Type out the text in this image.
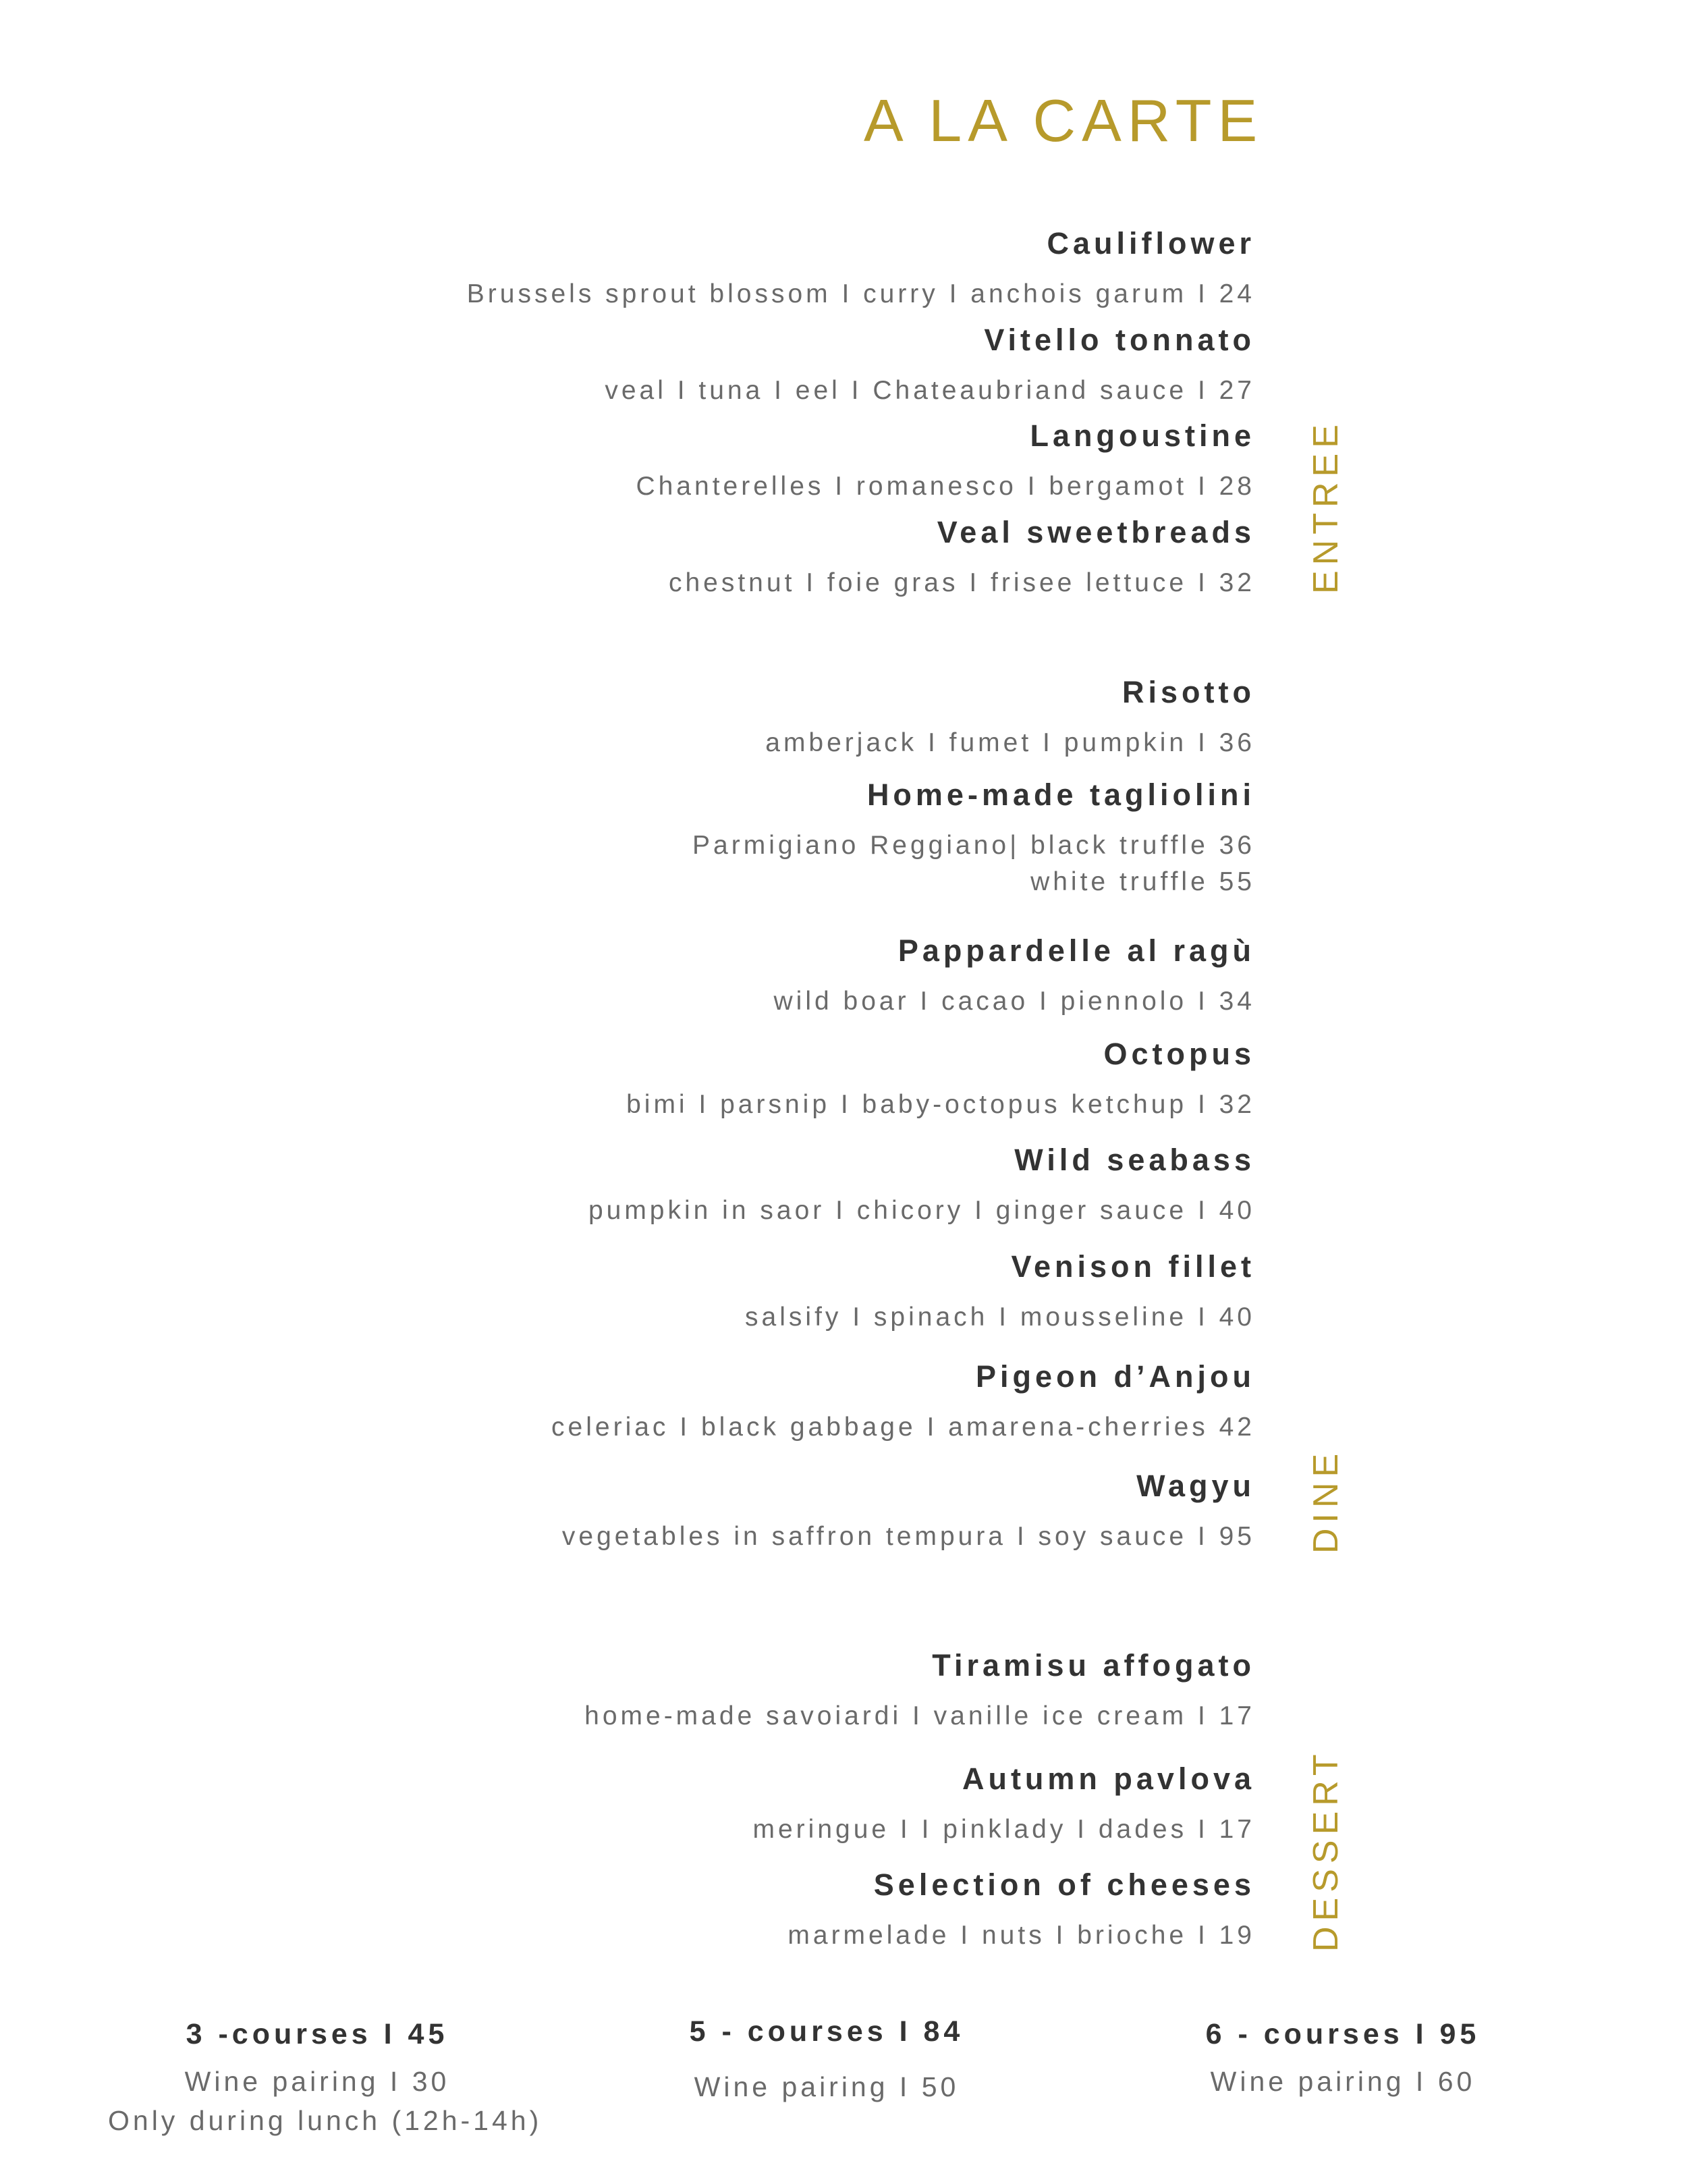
A LA CARTE
Cauliflower
Brussels sprout blossom I curry I anchois garum I 24
Vitello tonnato
veal I tuna I eel I Chateaubriand sauce I 27
Langoustine
Chanterelles I romanesco I bergamot I 28
Veal sweetbreads
chestnut I foie gras I frisee lettuce I 32 ENTREE
Risotto
amberjack I fumet I pumpkin I 36
Home-made tagliolini
Parmigiano Reggiano| black truffle 36
white truffle 55
Pappardelle al ragù
wild boar I cacao I piennolo I 34
Octopus
bimi I parsnip I baby-octopus ketchup I 32
Wild seabass
pumpkin in saor I chicory I ginger sauce I 40
Venison fillet
salsify I spinach I mousseline I 40
Pigeon d’Anjou
celeriac I black gabbage I amarena-cherries 42
Wagyu
vegetables in saffron tempura I soy sauce I 95 DINE
Tiramisu affogato
home-made savoiardi I vanille ice cream I 17
Autumn pavlova
meringue I I pinklady I dades I 17
Selection of cheeses
marmelade I nuts I brioche I 19 DESSERT
3 -courses I 45
Wine pairing I 30
Only during lunch (12h-14h)
5 - courses I 84
Wine pairing I 50
6 - courses I 95
Wine pairing I 60
